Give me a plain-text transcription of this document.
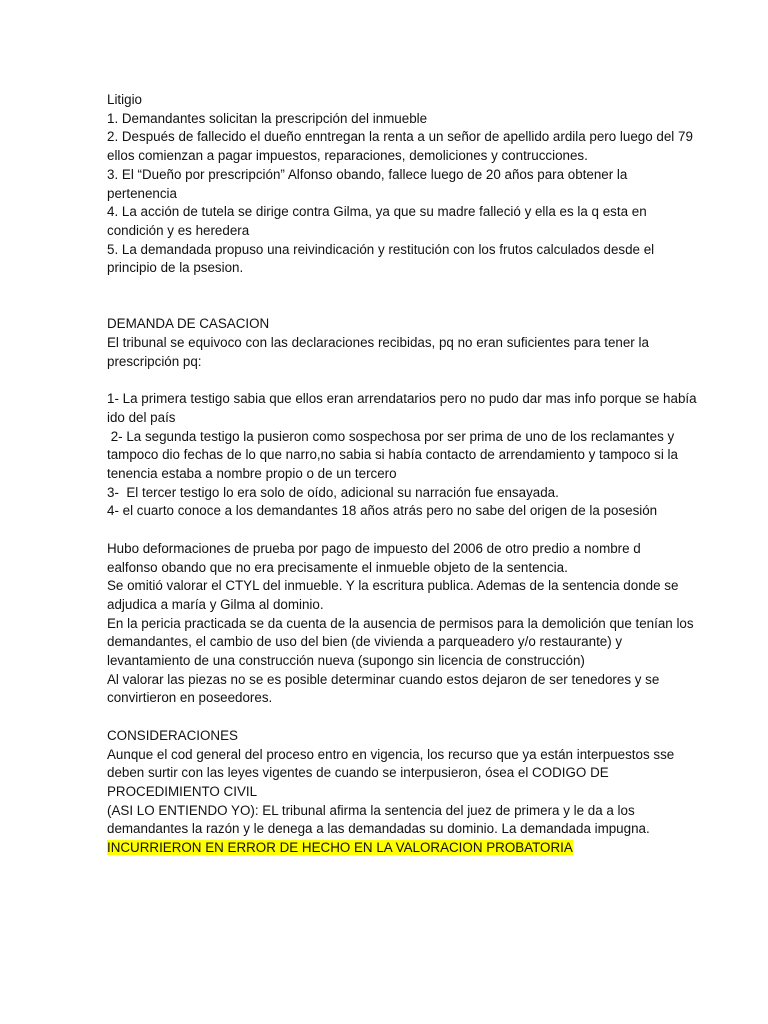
Litigio
1. Demandantes solicitan la prescripción del inmueble
2. Después de fallecido el dueño enntregan la renta a un señor de apellido ardila pero luego del 79
ellos comienzan a pagar impuestos, reparaciones, demoliciones y contrucciones.
3. El “Dueño por prescripción” Alfonso obando, fallece luego de 20 años para obtener la
pertenencia
4. La acción de tutela se dirige contra Gilma, ya que su madre falleció y ella es la q esta en
condición y es heredera
5. La demandada propuso una reivindicación y restitución con los frutos calculados desde el
principio de la psesion.
DEMANDA DE CASACION
El tribunal se equivoco con las declaraciones recibidas, pq no eran suficientes para tener la
prescripción pq:
1- La primera testigo sabia que ellos eran arrendatarios pero no pudo dar mas info porque se había
ido del país
2- La segunda testigo la pusieron como sospechosa por ser prima de uno de los reclamantes y
tampoco dio fechas de lo que narro,no sabia si había contacto de arrendamiento y tampoco si la
tenencia estaba a nombre propio o de un tercero
3-  El tercer testigo lo era solo de oído, adicional su narración fue ensayada.
4- el cuarto conoce a los demandantes 18 años atrás pero no sabe del origen de la posesión
Hubo deformaciones de prueba por pago de impuesto del 2006 de otro predio a nombre d
ealfonso obando que no era precisamente el inmueble objeto de la sentencia.
Se omitió valorar el CTYL del inmueble. Y la escritura publica. Ademas de la sentencia donde se
adjudica a maría y Gilma al dominio.
En la pericia practicada se da cuenta de la ausencia de permisos para la demolición que tenían los
demandantes, el cambio de uso del bien (de vivienda a parqueadero y/o restaurante) y
levantamiento de una construcción nueva (supongo sin licencia de construcción)
Al valorar las piezas no se es posible determinar cuando estos dejaron de ser tenedores y se
convirtieron en poseedores.
CONSIDERACIONES
Aunque el cod general del proceso entro en vigencia, los recurso que ya están interpuestos sse
deben surtir con las leyes vigentes de cuando se interpusieron, ósea el CODIGO DE
PROCEDIMIENTO CIVIL
(ASI LO ENTIENDO YO): EL tribunal afirma la sentencia del juez de primera y le da a los
demandantes la razón y le denega a las demandadas su dominio. La demandada impugna.
INCURRIERON EN ERROR DE HECHO EN LA VALORACION PROBATORIA
